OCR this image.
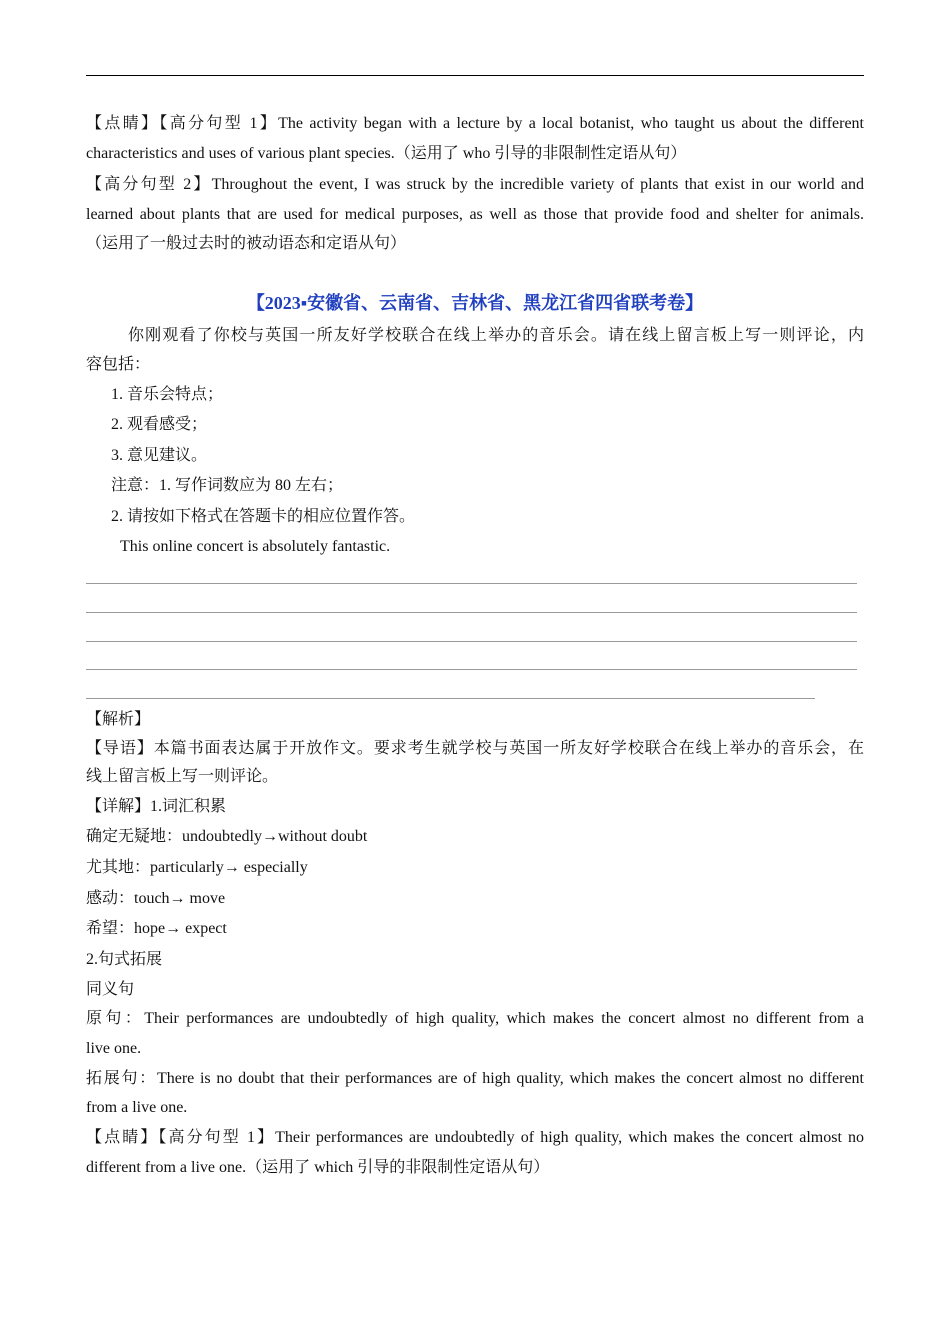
【点睛】【高分句型 1】The activity began with a lecture by a local botanist, who taught us about the different
characteristics and uses of various plant species.（运用了 who 引导的非限制性定语从句）
【高分句型 2】Throughout the event, I was struck by the incredible variety of plants that exist in our world and
learned about plants that are used for medical purposes, as well as those that provide food and shelter for animals.
（运用了一般过去时的被动语态和定语从句）
【2023▪安徽省、云南省、吉林省、黑龙江省四省联考卷】
你刚观看了你校与英国一所友好学校联合在线上举办的音乐会。请在线上留言板上写一则评论，内
容包括：
1. 音乐会特点；
2. 观看感受；
3. 意见建议。
注意：1. 写作词数应为 80 左右；
2. 请按如下格式在答题卡的相应位置作答。
This online concert is absolutely fantastic.
【解析】
【导语】本篇书面表达属于开放作文。要求考生就学校与英国一所友好学校联合在线上举办的音乐会，在
线上留言板上写一则评论。
【详解】1.词汇积累
确定无疑地：undoubtedly→without doubt
尤其地：particularly→ especially
感动：touch→ move
希望：hope→ expect
2.句式拓展
同义句
原句：Their performances are undoubtedly of high quality, which makes the concert almost no different from a
live one.
拓展句：There is no doubt that their performances are of high quality, which makes the concert almost no different
from a live one.
【点睛】【高分句型 1】Their performances are undoubtedly of high quality, which makes the concert almost no
different from a live one.（运用了 which 引导的非限制性定语从句）
